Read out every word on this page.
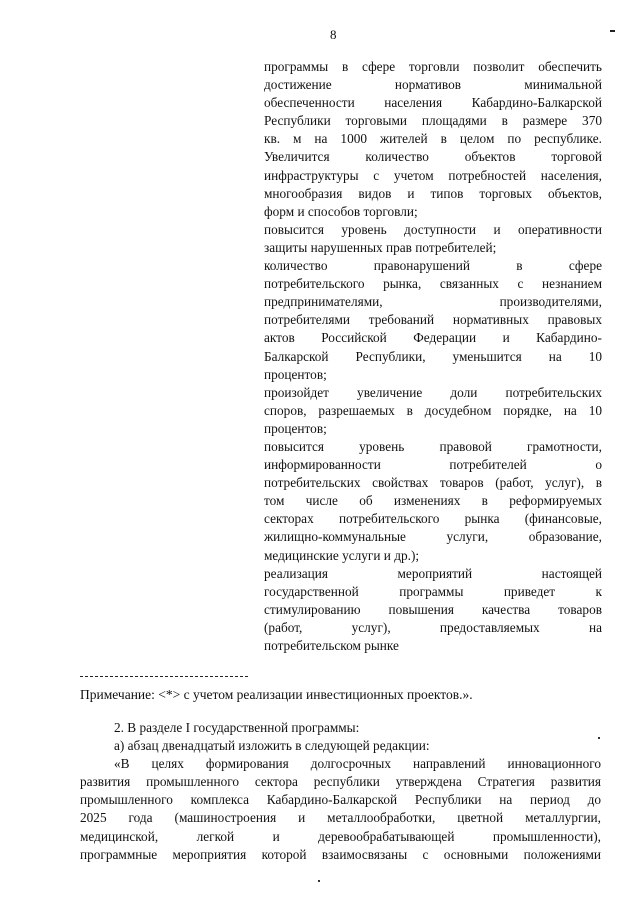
8
программы в сфере торговли позволит обеспечить
достижение нормативов минимальной
обеспеченности населения Кабардино-Балкарской
Республики торговыми площадями в размере 370
кв. м на 1000 жителей в целом по республике.
Увеличится количество объектов торговой
инфраструктуры с учетом потребностей населения,
многообразия видов и типов торговых объектов,
форм и способов торговли;
повысится уровень доступности и оперативности
защиты нарушенных прав потребителей;
количество правонарушений в сфере
потребительского рынка, связанных с незнанием
предпринимателями, производителями,
потребителями требований нормативных правовых
актов Российской Федерации и Кабардино-
Балкарской Республики, уменьшится на 10
процентов;
произойдет увеличение доли потребительских
споров, разрешаемых в досудебном порядке, на 10
процентов;
повысится уровень правовой грамотности,
информированности потребителей о
потребительских свойствах товаров (работ, услуг), в
том числе об изменениях в реформируемых
секторах потребительского рынка (финансовые,
жилищно-коммунальные услуги, образование,
медицинские услуги и др.);
реализация мероприятий настоящей
государственной программы приведет к
стимулированию повышения качества товаров
(работ, услуг), предоставляемых на
потребительском рынке
Примечание: <*> с учетом реализации инвестиционных проектов.».
2. В разделе I государственной программы:
а) абзац двенадцатый изложить в следующей редакции:
«В целях формирования долгосрочных направлений инновационного
развития промышленного сектора республики утверждена Стратегия развития
промышленного комплекса Кабардино-Балкарской Республики на период до
2025 года (машиностроения и металлообработки, цветной металлургии,
медицинской, легкой и деревообрабатывающей промышленности),
программные мероприятия которой взаимосвязаны с основными положениями
